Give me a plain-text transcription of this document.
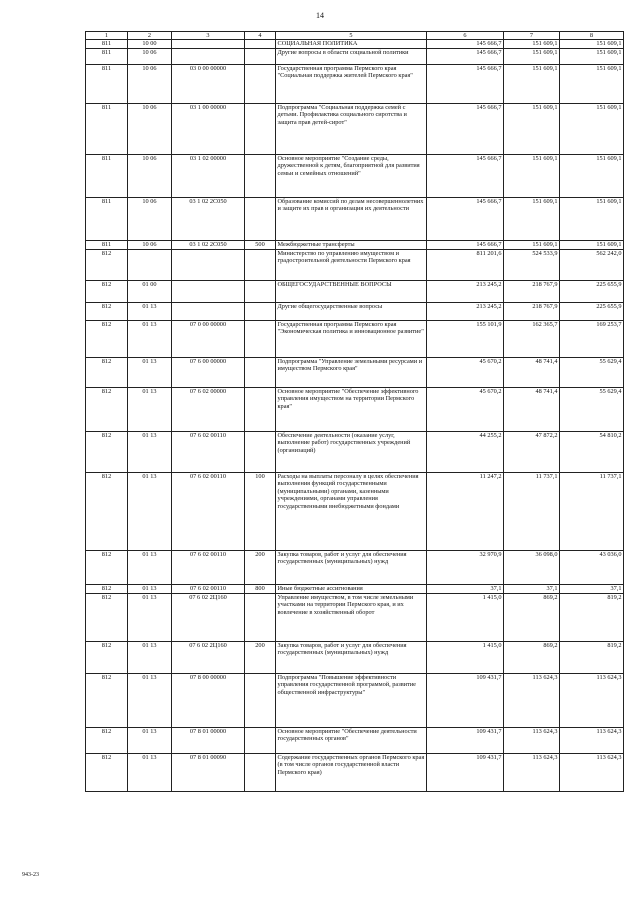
14
1	2	3	4	5	6	7	8
811	10 00			СОЦИАЛЬНАЯ ПОЛИТИКА	145 666,7	151 609,1	151 609,1
811	10 06			Другие вопросы в области социальной политики	145 666,7	151 609,1	151 609,1
811	10 06	03 0 00 00000		Государственная программа Пермского края "Социальная поддержка жителей Пермского края"	145 666,7	151 609,1	151 609,1
811	10 06	03 1 00 00000		Подпрограмма "Социальная поддержка семей с детьми. Профилактика социального сиротства и защита прав детей-сирот"	145 666,7	151 609,1	151 609,1
811	10 06	03 1 02 00000		Основное мероприятие "Создание среды, дружественной к детям, благоприятной для развития семьи и семейных отношений"	145 666,7	151 609,1	151 609,1
811	10 06	03 1 02 2С050		Образование комиссий по делам несовершеннолетних и защите их прав и организация их деятельности	145 666,7	151 609,1	151 609,1
811	10 06	03 1 02 2С050	500	Межбюджетные трансферты	145 666,7	151 609,1	151 609,1
812				Министерство по управлению имуществом и градостроительной деятельности Пермского края	811 201,6	524 533,9	562 242,0
812	01 00			ОБЩЕГОСУДАРСТВЕННЫЕ ВОПРОСЫ	213 245,2	218 767,9	225 655,9
812	01 13			Другие общегосударственные вопросы	213 245,2	218 767,9	225 655,9
812	01 13	07 0 00 00000		Государственная программа Пермского края "Экономическая политика и инновационное развитие"	155 101,9	162 365,7	169 253,7
812	01 13	07 6 00 00000		Подпрограмма "Управление земельными ресурсами и имуществом Пермского края"	45 670,2	48 741,4	55 629,4
812	01 13	07 6 02 00000		Основное мероприятие "Обеспечение эффективного управления имуществом на территории Пермского края"	45 670,2	48 741,4	55 629,4
812	01 13	07 6 02 00110		Обеспечение деятельности (оказание услуг, выполнение работ) государственных учреждений (организаций)	44 255,2	47 872,2	54 810,2
812	01 13	07 6 02 00110	100	Расходы на выплаты персоналу в целях обеспечения выполнения функций государственными (муниципальными) органами, казенными учреждениями, органами управления государственными внебюджетными фондами	11 247,2	11 737,1	11 737,1
812	01 13	07 6 02 00110	200	Закупка товаров, работ и услуг для обеспечения государственных (муниципальных) нужд	32 970,9	36 098,0	43 036,0
812	01 13	07 6 02 00110	800	Иные бюджетные ассигнования	37,1	37,1	37,1
812	01 13	07 6 02 2Ц160		Управление имуществом, в том числе земельными участками на территории Пермского края, и их вовлечение в хозяйственный оборот	1 415,0	869,2	819,2
812	01 13	07 6 02 2Ц160	200	Закупка товаров, работ и услуг для обеспечения государственных (муниципальных) нужд	1 415,0	869,2	819,2
812	01 13	07 8 00 00000		Подпрограмма "Повышение эффективности управления государственной программой, развитие общественной инфраструктуры"	109 431,7	113 624,3	113 624,3
812	01 13	07 8 01 00000		Основное мероприятие "Обеспечение деятельности государственных органов"	109 431,7	113 624,3	113 624,3
812	01 13	07 8 01 00090		Содержание государственных органов Пермского края (в том числе органов государственной власти Пермского края)	109 431,7	113 624,3	113 624,3
943-23
